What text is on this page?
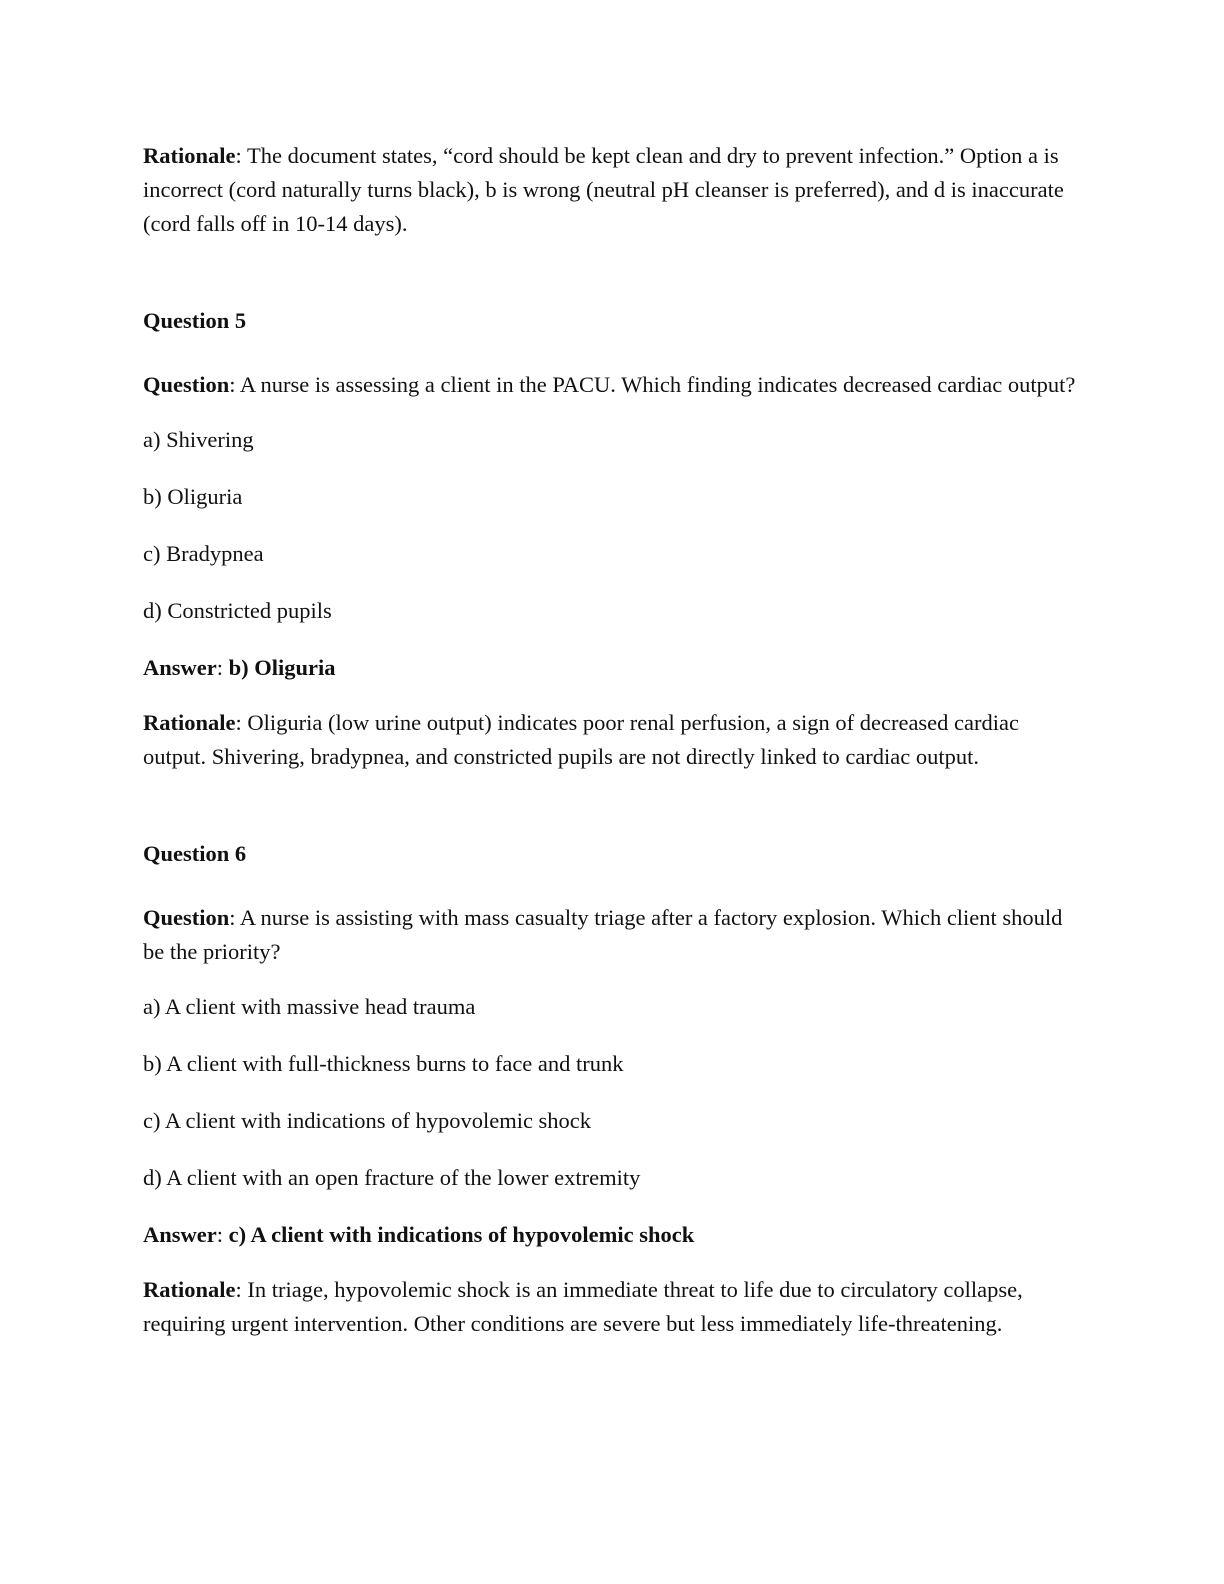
Rationale: The document states, “cord should be kept clean and dry to prevent infection.” Option a is incorrect (cord naturally turns black), b is wrong (neutral pH cleanser is preferred), and d is inaccurate (cord falls off in 10-14 days).

Question 5

Question: A nurse is assessing a client in the PACU. Which finding indicates decreased cardiac output?

a) Shivering

b) Oliguria

c) Bradypnea

d) Constricted pupils

Answer: b) Oliguria

Rationale: Oliguria (low urine output) indicates poor renal perfusion, a sign of decreased cardiac output. Shivering, bradypnea, and constricted pupils are not directly linked to cardiac output.

Question 6

Question: A nurse is assisting with mass casualty triage after a factory explosion. Which client should be the priority?

a) A client with massive head trauma

b) A client with full-thickness burns to face and trunk

c) A client with indications of hypovolemic shock

d) A client with an open fracture of the lower extremity

Answer: c) A client with indications of hypovolemic shock

Rationale: In triage, hypovolemic shock is an immediate threat to life due to circulatory collapse, requiring urgent intervention. Other conditions are severe but less immediately life-threatening.
